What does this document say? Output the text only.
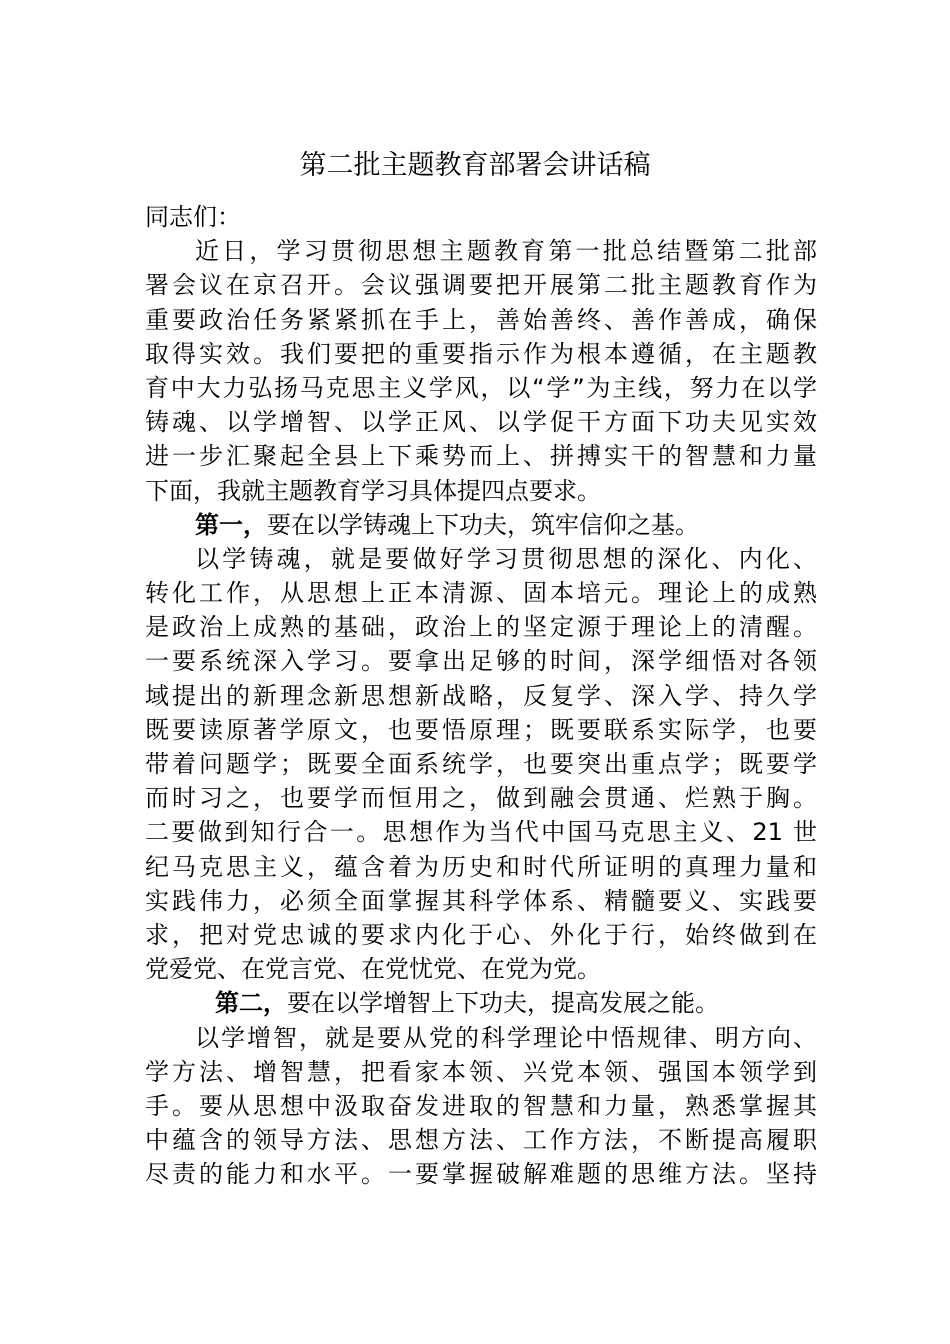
第二批主题教育部署会讲话稿
同志们：
近日，学习贯彻思想主题教育第一批总结暨第二批部
署会议在京召开。会议强调要把开展第二批主题教育作为
重要政治任务紧紧抓在手上，善始善终、善作善成，确保
取得实效。我们要把的重要指示作为根本遵循，在主题教
育中大力弘扬马克思主义学风，以“学”为主线，努力在以学
铸魂、以学增智、以学正风、以学促干方面下功夫见实效
进一步汇聚起全县上下乘势而上、拼搏实干的智慧和力量
下面，我就主题教育学习具体提四点要求。
第一，要在以学铸魂上下功夫，筑牢信仰之基。
以学铸魂，就是要做好学习贯彻思想的深化、内化、
转化工作，从思想上正本清源、固本培元。理论上的成熟
是政治上成熟的基础，政治上的坚定源于理论上的清醒。
一要系统深入学习。要拿出足够的时间，深学细悟对各领
域提出的新理念新思想新战略，反复学、深入学、持久学
既要读原著学原文，也要悟原理；既要联系实际学，也要
带着问题学；既要全面系统学，也要突出重点学；既要学
而时习之，也要学而恒用之，做到融会贯通、烂熟于胸。
二要做到知行合一。思想作为当代中国马克思主义、21 世
纪马克思主义，蕴含着为历史和时代所证明的真理力量和
实践伟力，必须全面掌握其科学体系、精髓要义、实践要
求，把对党忠诚的要求内化于心、外化于行，始终做到在
党爱党、在党言党、在党忧党、在党为党。
第二，要在以学增智上下功夫，提高发展之能。
以学增智，就是要从党的科学理论中悟规律、明方向、
学方法、增智慧，把看家本领、兴党本领、强国本领学到
手。要从思想中汲取奋发进取的智慧和力量，熟悉掌握其
中蕴含的领导方法、思想方法、工作方法，不断提高履职
尽责的能力和水平。一要掌握破解难题的思维方法。坚持
